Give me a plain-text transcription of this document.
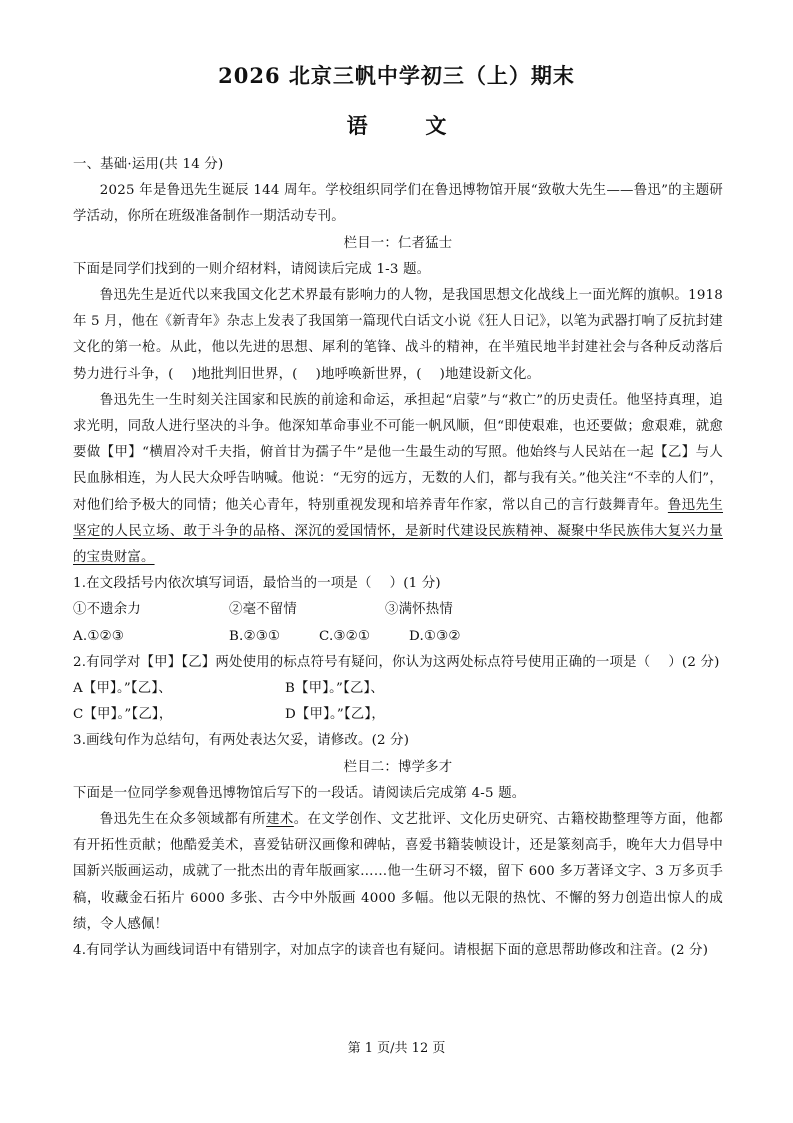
2026 北京三帆中学初三（上）期末
语 文

一、基础·运用(共 14 分)

2025 年是鲁迅先生诞辰 144 周年。学校组织同学们在鲁迅博物馆开展“致敬大先生——鲁迅”的主题研学活动，你所在班级准备制作一期活动专刊。

栏目一：仁者猛士

下面是同学们找到的一则介绍材料，请阅读后完成 1-3 题。

鲁迅先生是近代以来我国文化艺术界最有影响力的人物，是我国思想文化战线上一面光辉的旗帜。1918 年 5 月，他在《新青年》杂志上发表了我国第一篇现代白话文小说《狂人日记》，以笔为武器打响了反抗封建文化的第一枪。从此，他以先进的思想、犀利的笔锋、战斗的精神，在半殖民地半封建社会与各种反动落后势力进行斗争，(　 )地批判旧世界，(　 )地呼唤新世界，(　 )地建设新文化。

鲁迅先生一生时刻关注国家和民族的前途和命运，承担起“启蒙”与“救亡”的历史责任。他坚持真理，追求光明，同敌人进行坚决的斗争。他深知革命事业不可能一帆风顺，但“即使艰难，也还要做；愈艰难，就愈要做【甲】“横眉冷对千夫指，俯首甘为孺子牛”是他一生最生动的写照。他始终与人民站在一起【乙】与人民血脉相连，为人民大众呼告呐喊。他说：“无穷的远方，无数的人们，都与我有关。”他关注“不幸的人们”，对他们给予极大的同情；他关心青年，特别重视发现和培养青年作家，常以自己的言行鼓舞青年。鲁迅先生坚定的人民立场、敢于斗争的品格、深沉的爱国情怀，是新时代建设民族精神、凝聚中华民族伟大复兴力量的宝贵财富。

1.在文段括号内依次填写词语，最恰当的一项是（　 ）(1 分)

①不遗余力	②毫不留情	③满怀热情
A.①②③	B.②③①	C.③②①	D.①③②

2.有同学对【甲】【乙】两处使用的标点符号有疑问，你认为这两处标点符号使用正确的一项是（　 ）(2 分)

A【甲】。”【乙】、	B【甲】。”【乙】、
C【甲】。”【乙】，	D【甲】。”【乙】，

3.画线句作为总结句，有两处表达欠妥，请修改。(2 分)

栏目二：博学多才

下面是一位同学参观鲁迅博物馆后写下的一段话。请阅读后完成第 4-5 题。

鲁迅先生在众多领域都有所建术。在文学创作、文艺批评、文化历史研究、古籍校勘整理等方面，他都有开拓性贡献；他酷爱美术，喜爱钻研汉画像和碑帖，喜爱书籍装帧设计，还是篆刻高手，晚年大力倡导中国新兴版画运动，成就了一批杰出的青年版画家……他一生研习不辍，留下 600 多万著译文字、3 万多页手稿，收藏金石拓片 6000 多张、古今中外版画 4000 多幅。他以无限的热忱、不懈的努力创造出惊人的成绩，令人感佩！

4.有同学认为画线词语中有错别字，对加点字的读音也有疑问。请根据下面的意思帮助修改和注音。(2 分)

第 1 页/共 12 页
